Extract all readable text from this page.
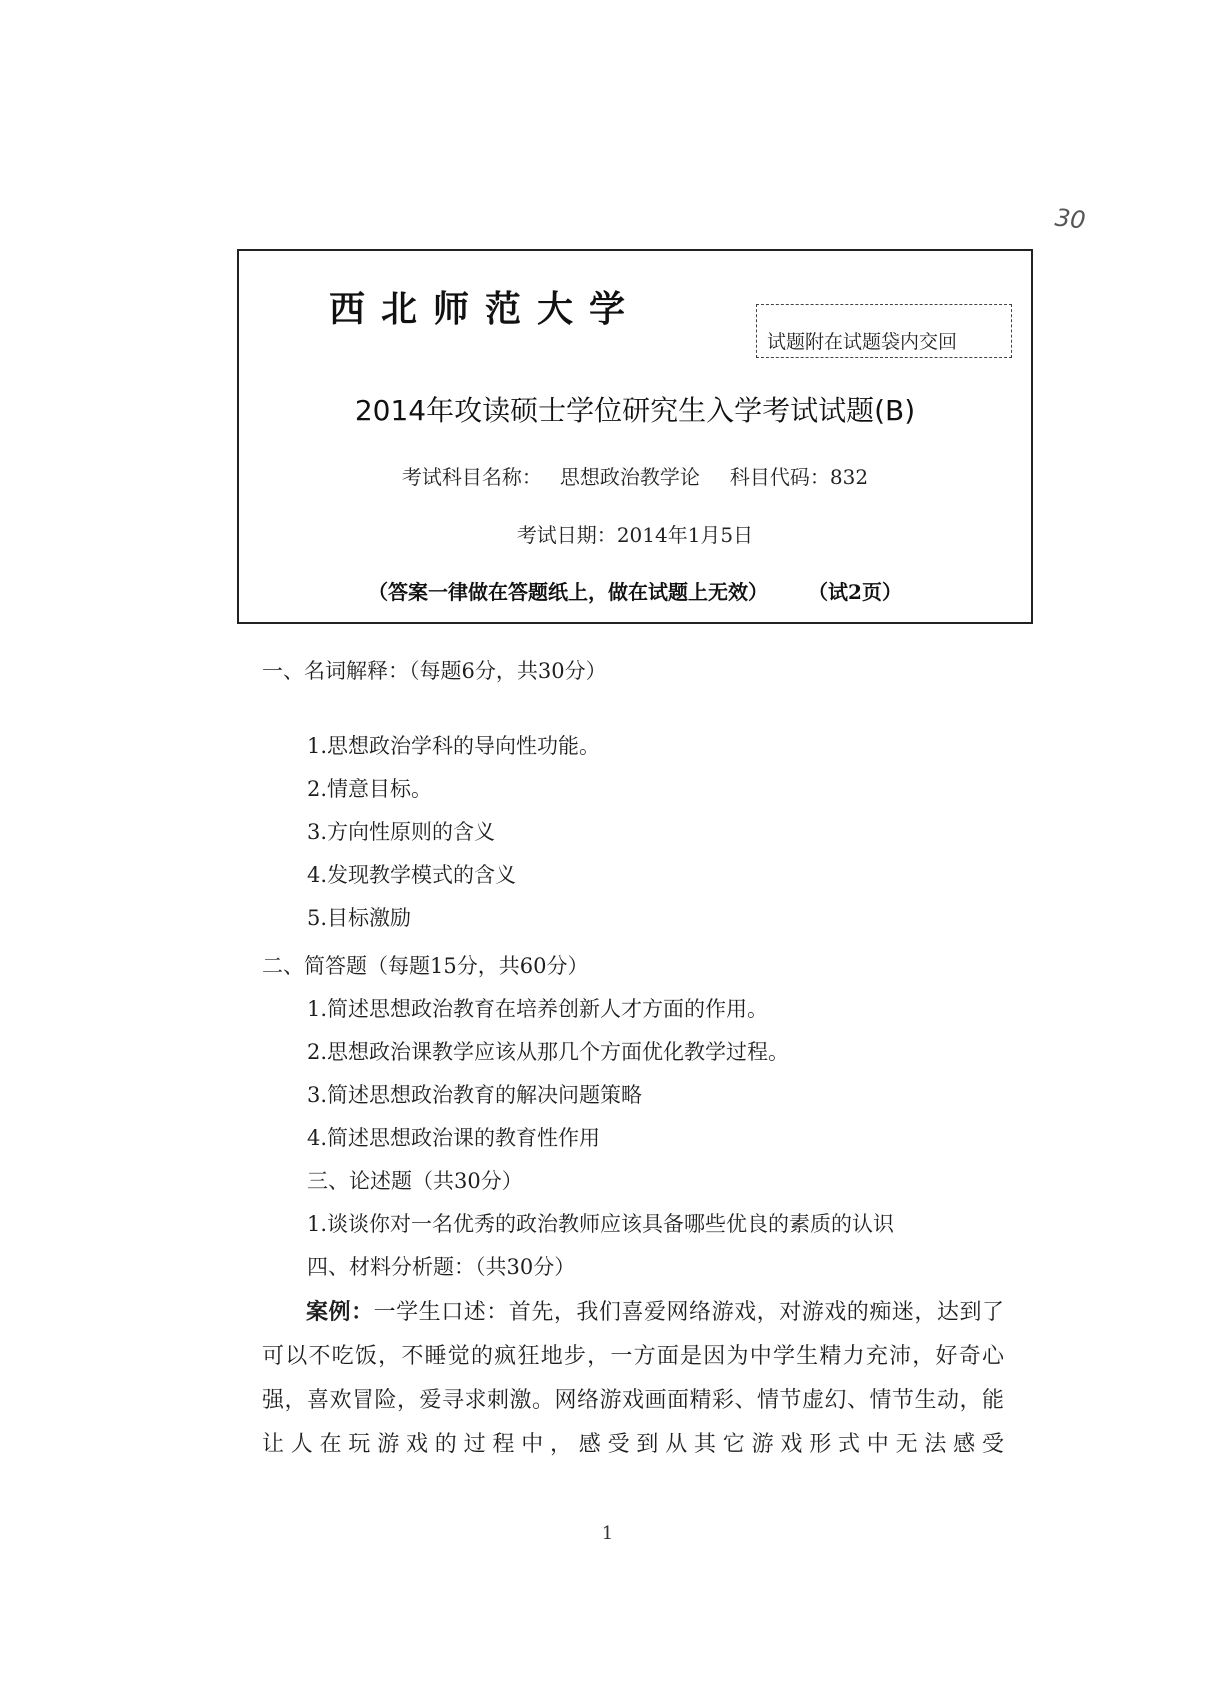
30
西北师范大学
试题附在试题袋内交回
2014年攻读硕士学位研究生入学考试试题(B)
考试科目名称： 思想政治教学论 科目代码：832
考试日期：2014年1月5日
（答案一律做在答题纸上，做在试题上无效） （试2页）
一、名词解释：（每题6分，共30分）
1.思想政治学科的导向性功能。
2.情意目标。
3.方向性原则的含义
4.发现教学模式的含义
5.目标激励
二、简答题（每题15分，共60分）
1.简述思想政治教育在培养创新人才方面的作用。
2.思想政治课教学应该从那几个方面优化教学过程。
3.简述思想政治教育的解决问题策略
4.简述思想政治课的教育性作用
三、论述题（共30分）
1.谈谈你对一名优秀的政治教师应该具备哪些优良的素质的认识
四、材料分析题：（共30分）
案例：一学生口述：首先，我们喜爱网络游戏，对游戏的痴迷，达到了可以不吃饭，不睡觉的疯狂地步，一方面是因为中学生精力充沛，好奇心强，喜欢冒险，爱寻求刺激。网络游戏画面精彩、情节虚幻、情节生动，能让人在玩游戏的过程中，感受到从其它游戏形式中无法感受
1
